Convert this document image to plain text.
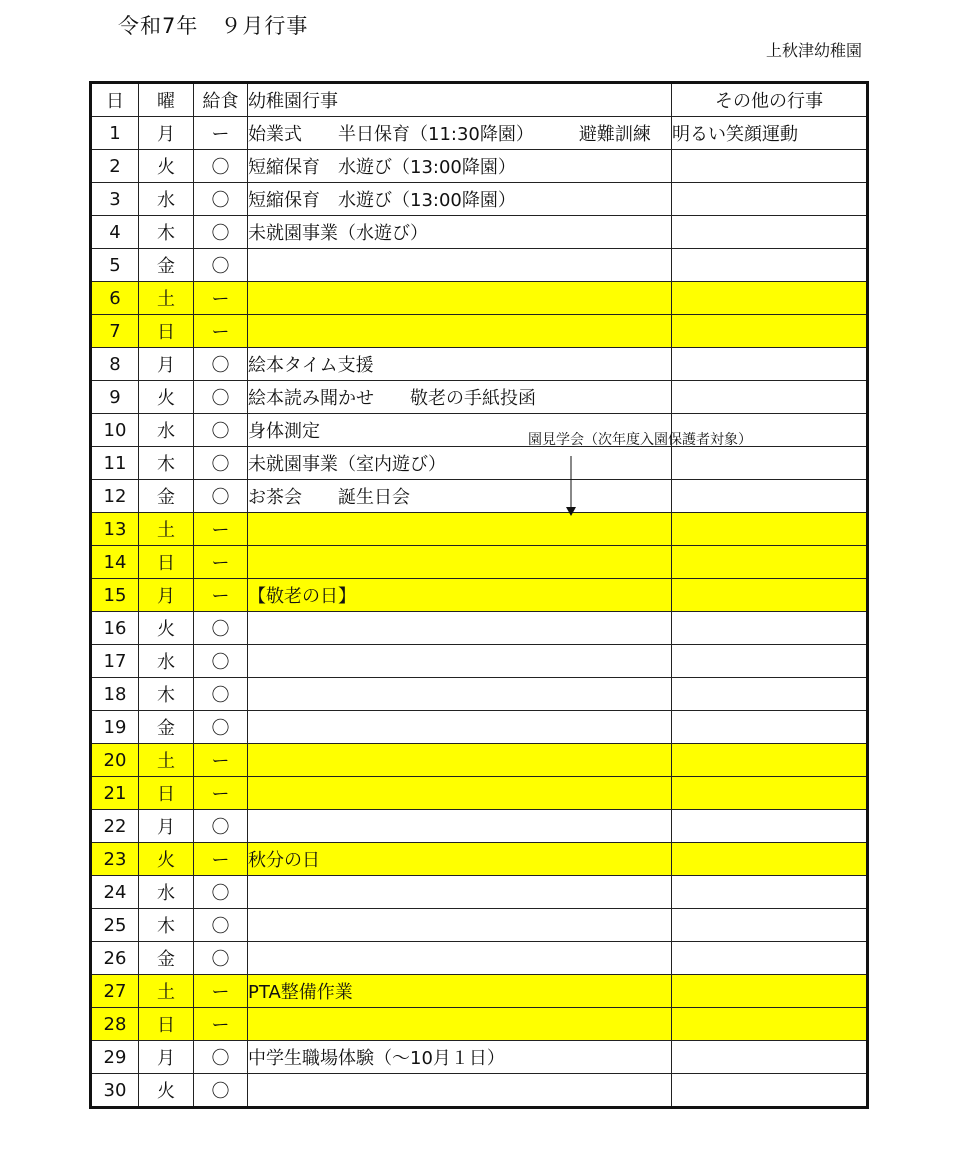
令和7年　９月行事
上秋津幼稚園
日	曜	給食	幼稚園行事	その他の行事
1	月	ー	始業式　　半日保育（11:30降園）　　　避難訓練	明るい笑顔運動
2	火	〇	短縮保育　水遊び（13:00降園）	
3	水	〇	短縮保育　水遊び（13:00降園）	
4	木	〇	未就園事業（水遊び）	
5	金	〇		
6	土	ー		
7	日	ー		
8	月	〇	絵本タイム支援	
9	火	〇	絵本読み聞かせ　　敬老の手紙投函	
10	水	〇	身体測定	
11	木	〇	未就園事業（室内遊び）	
12	金	〇	お茶会　　誕生日会	
13	土	ー		
14	日	ー		
15	月	ー	【敬老の日】	
16	火	〇		
17	水	〇		
18	木	〇		
19	金	〇		
20	土	ー		
21	日	ー		
22	月	〇		
23	火	ー	秋分の日	
24	水	〇		
25	木	〇		
26	金	〇		
27	土	ー	PTA整備作業	
28	日	ー		
29	月	〇	中学生職場体験（～10月１日）	
30	火	〇		
園見学会（次年度入園保護者対象）
